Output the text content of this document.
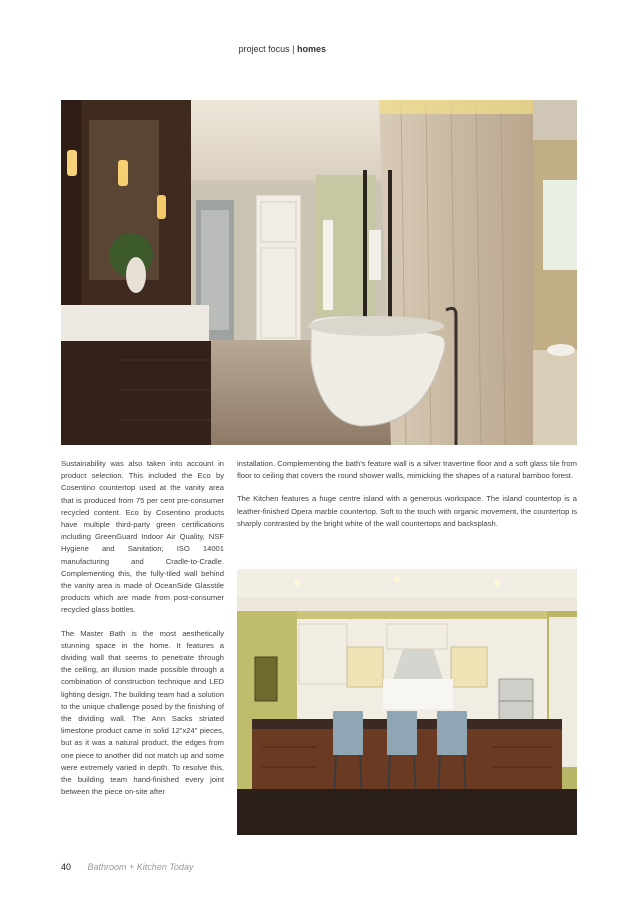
project focus | homes

Sustainability was also taken into account in product selection. This included the Eco by Cosentino countertop used at the vanity area that is produced from 75 per cent pre-consumer recycled content. Eco by Cosentino products have multiple third-party green certifications including GreenGuard Indoor Air Quality, NSF Hygiene and Sanitation; ISO 14001 manufacturing and Cradle-to-Cradle. Complementing this, the fully-tiled wall behind the vanity area is made of OceanSide Glasstile products which are made from post-consumer recycled glass bottles.

The Master Bath is the most aesthetically stunning space in the home. It features a dividing wall that seems to penetrate through the ceiling, an illusion made possible through a combination of construction technique and LED lighting design. The building team had a solution to the unique challenge posed by the finishing of the dividing wall. The Ann Sacks striated limestone product came in solid 12"x24" pieces, but as it was a natural product, the edges from one piece to another did not match up and some were extremely varied in depth. To resolve this, the building team hand-finished every joint between the piece on-site after

installation. Complementing the bath's feature wall is a silver travertine floor and a soft glass tile from floor to ceiling that covers the round shower walls, mimicking the shapes of a natural bamboo forest.

The Kitchen features a huge centre island with a generous workspace. The island countertop is a leather-finished Opera marble countertop. Soft to the touch with organic movement, the countertop is sharply contrasted by the bright white of the wall countertops and backsplash.

40 Bathroom + Kitchen Today
